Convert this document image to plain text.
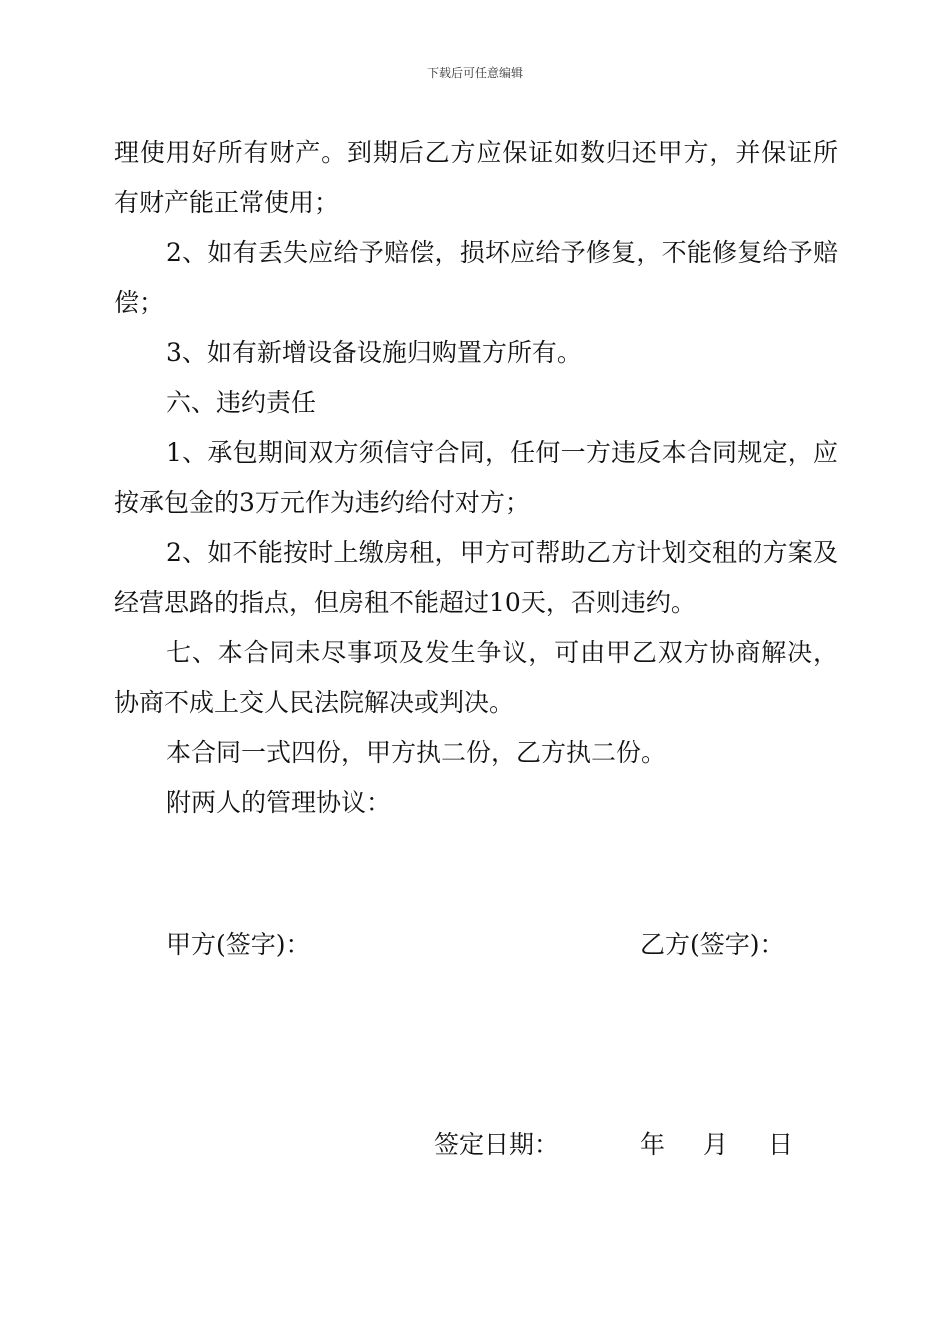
下载后可任意编辑

理使用好所有财产。到期后乙方应保证如数归还甲方，并保证所有财产能正常使用；

2、如有丢失应给予赔偿，损坏应给予修复，不能修复给予赔偿；

3、如有新增设备设施归购置方所有。

六、违约责任

1、承包期间双方须信守合同，任何一方违反本合同规定，应按承包金的3万元作为违约给付对方；

2、如不能按时上缴房租，甲方可帮助乙方计划交租的方案及经营思路的指点，但房租不能超过10天，否则违约。

七、本合同未尽事项及发生争议，可由甲乙双方协商解决，协商不成上交人民法院解决或判决。

本合同一式四份，甲方执二份，乙方执二份。

附两人的管理协议：

甲方(签字)：	乙方(签字)：
签定日期：	年 月 日
